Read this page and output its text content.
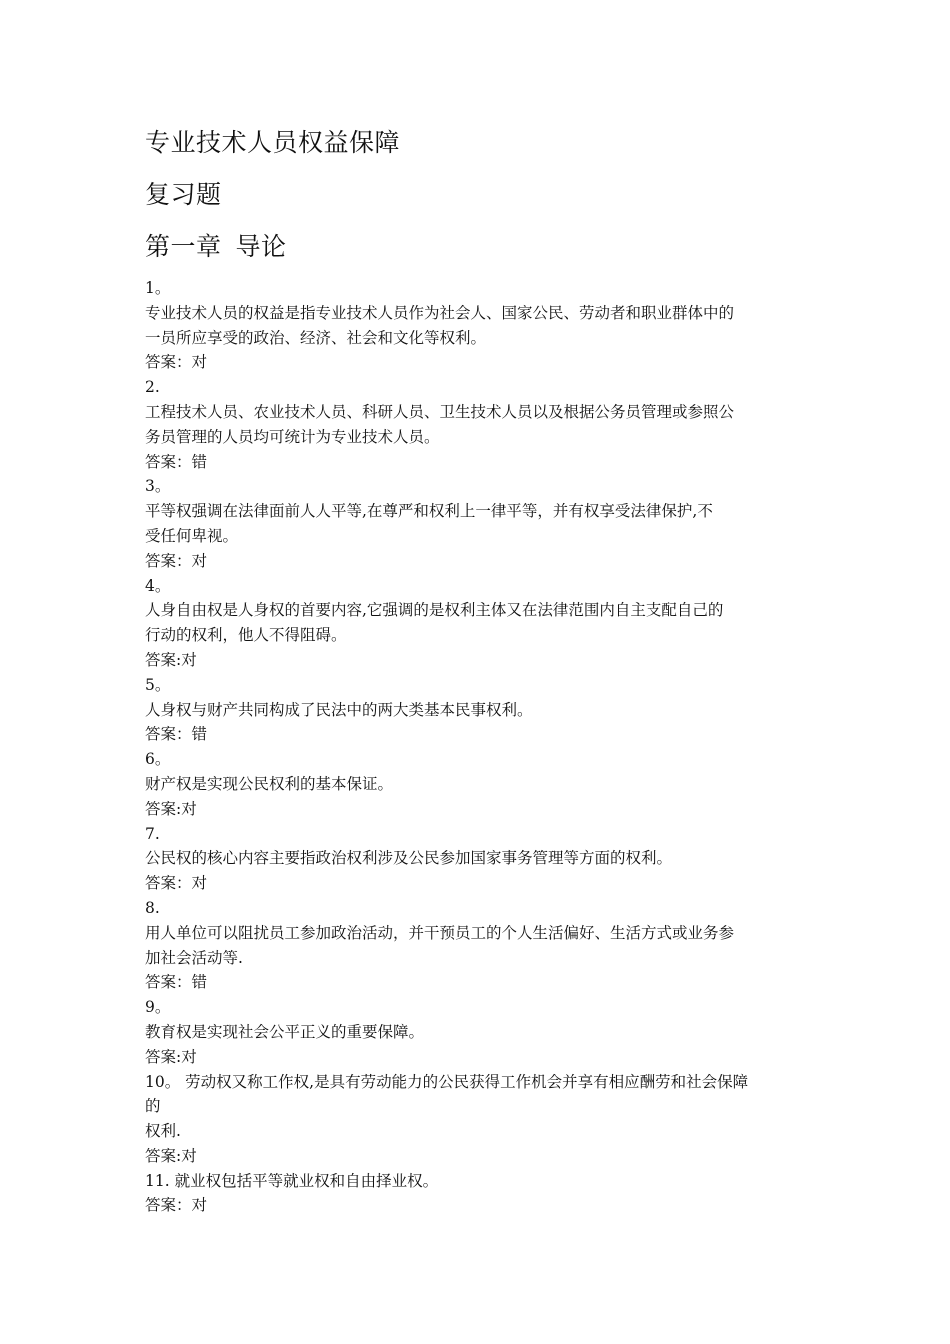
专业技术人员权益保障
复习题
第一章 导论
1。
专业技术人员的权益是指专业技术人员作为社会人、国家公民、劳动者和职业群体中的
一员所应享受的政治、经济、社会和文化等权利。
答案：对
2.
工程技术人员、农业技术人员、科研人员、卫生技术人员以及根据公务员管理或参照公
务员管理的人员均可统计为专业技术人员。
答案：错
3。
平等权强调在法律面前人人平等,在尊严和权利上一律平等，并有权享受法律保护,不
受任何卑视。
答案：对
4。
人身自由权是人身权的首要内容,它强调的是权利主体又在法律范围内自主支配自己的
行动的权利，他人不得阻碍。
答案:对
5。
人身权与财产共同构成了民法中的两大类基本民事权利。
答案：错
6。
财产权是实现公民权利的基本保证。
答案:对
7.
公民权的核心内容主要指政治权利涉及公民参加国家事务管理等方面的权利。
答案：对
8.
用人单位可以阻扰员工参加政治活动，并干预员工的个人生活偏好、生活方式或业务参
加社会活动等.
答案：错
9。
教育权是实现社会公平正义的重要保障。
答案:对
10。 劳动权又称工作权,是具有劳动能力的公民获得工作机会并享有相应酬劳和社会保障
的
权利.
答案:对
11. 就业权包括平等就业权和自由择业权。
答案：对
